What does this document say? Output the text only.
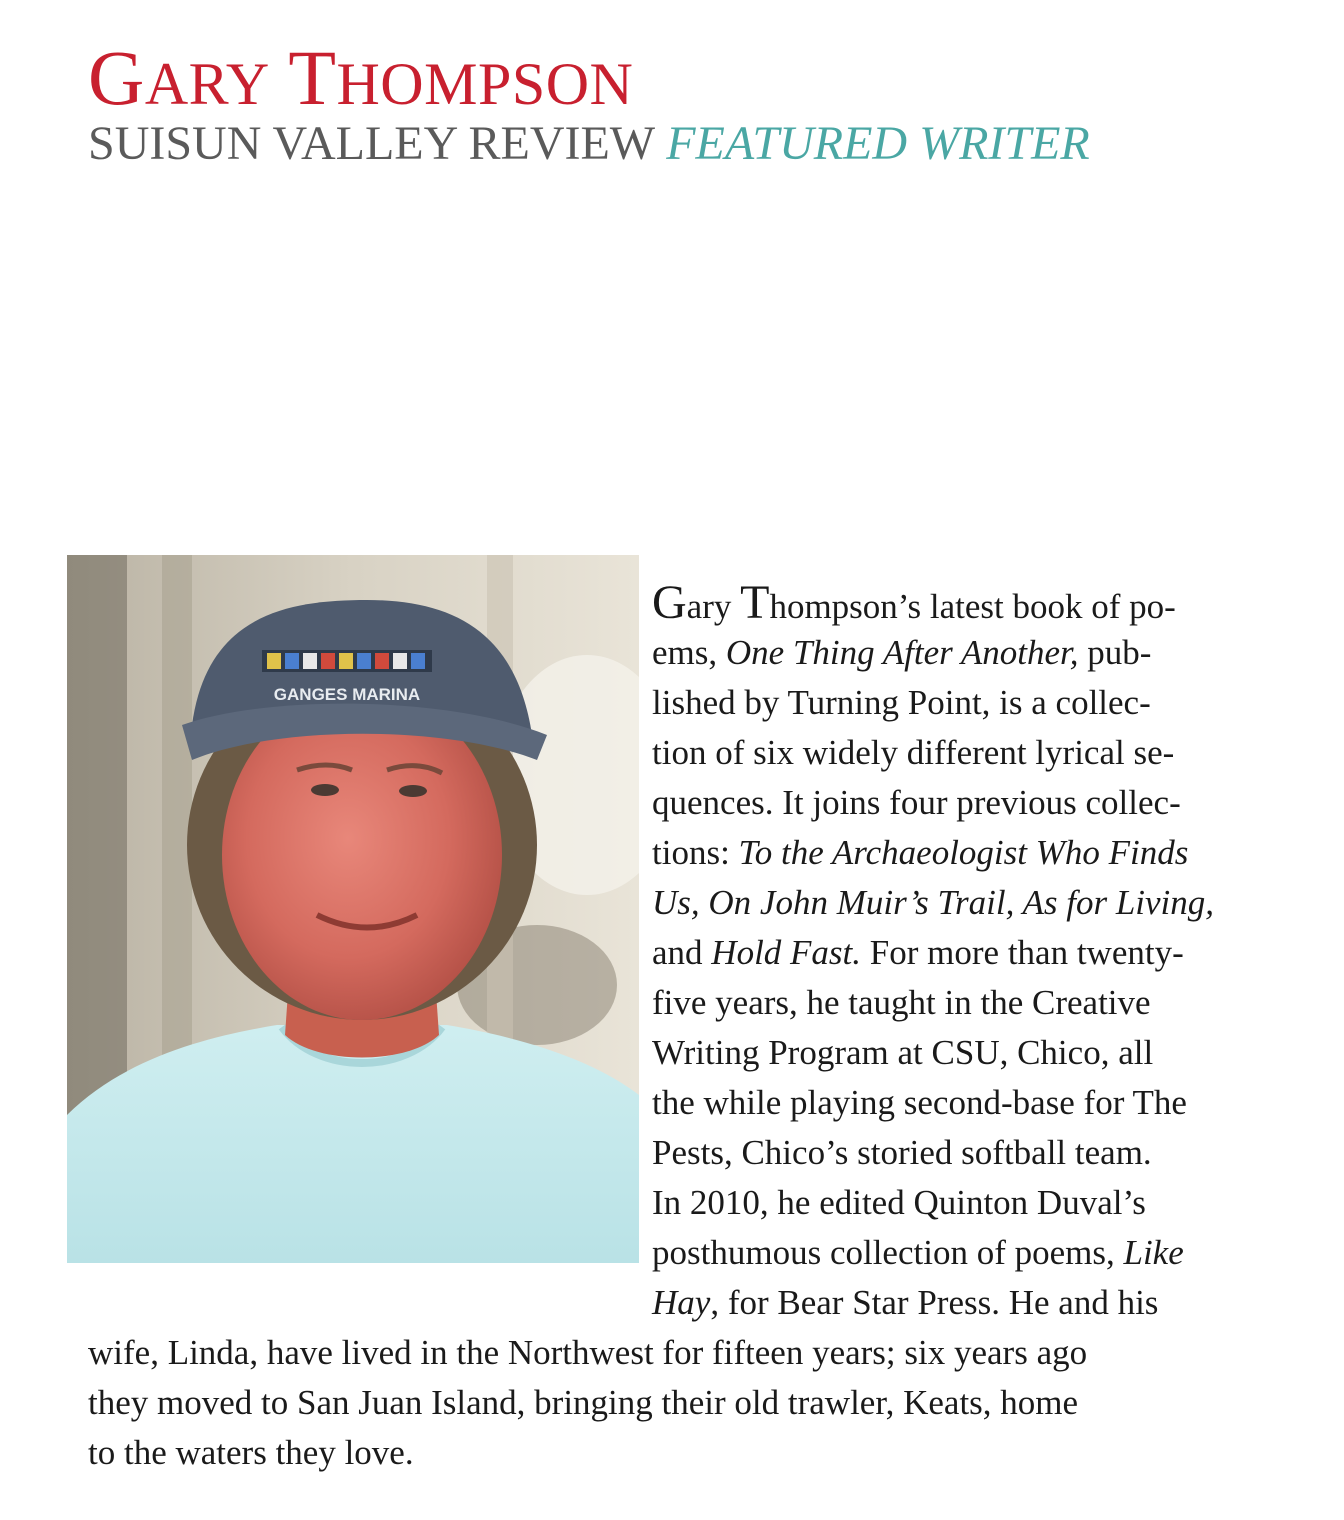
GARY THOMPSON
SUISUN VALLEY REVIEW FEATURED WRITER
GANGES MARINA
Gary Thompson’s latest book of po-
ems, One Thing After Another, pub-
lished by Turning Point, is a collec-
tion of six widely different lyrical se-
quences. It joins four previous collec-
tions: To the Archaeologist Who Finds
Us, On John Muir’s Trail, As for Living,
and Hold Fast. For more than twenty-
five years, he taught in the Creative
Writing Program at CSU, Chico, all
the while playing second-base for The
Pests, Chico’s storied softball team.
In 2010, he edited Quinton Duval’s
posthumous collection of poems, Like
Hay, for Bear Star Press. He and his
wife, Linda, have lived in the Northwest for fifteen years; six years ago
they moved to San Juan Island, bringing their old trawler, Keats, home
to the waters they love.
